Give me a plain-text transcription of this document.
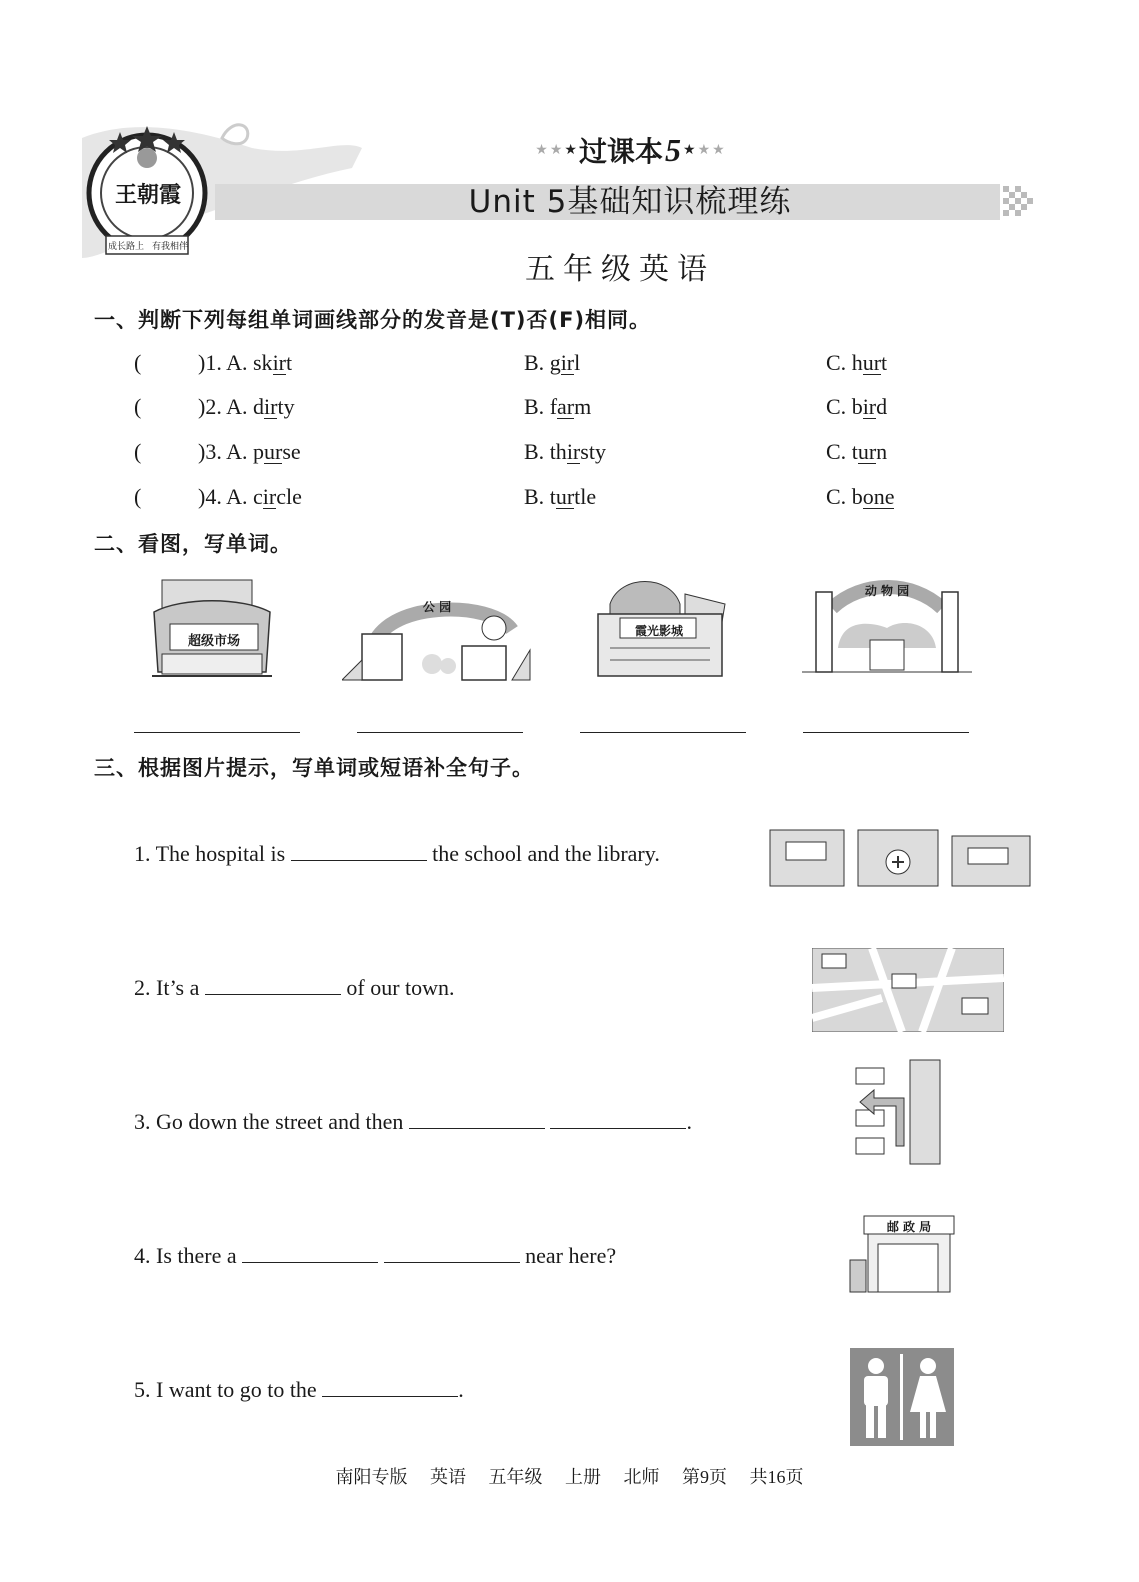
王朝霞
成长路上 有我相伴
★ ★ ★ 过课本 5 ★ ★ ★
Unit 5基础知识梳理练
五年级英语
一、判断下列每组单词画线部分的发音是(T)否(F)相同。
(	)1. A. skirt	B. girl	C. hurt
(	)2. A. dirty	B. farm	C. bird
(	)3. A. purse	B. thirsty	C. turn
(	)4. A. circle	B. turtle	C. bone
二、看图，写单词。
超级市场
公 园
霞光影城
动 物 园
三、根据图片提示，写单词或短语补全句子。
1. The hospital is	the school and the library.
2. It’s a	of our town.
3. Go down the street and then	.
4. Is there a	near here?
5. I want to go to the	.
邮 政 局
南阳专版 英语 五年级 上册 北师 第9页 共16页
